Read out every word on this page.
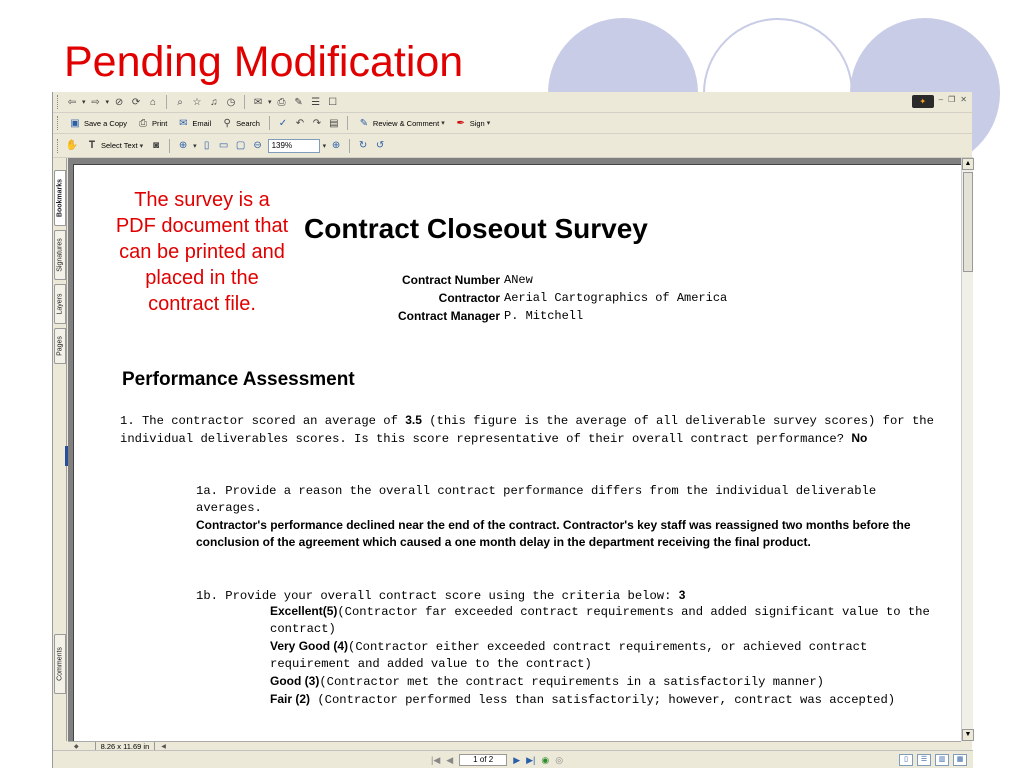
Pending Modification
⇦ ▾ ⇨ ▾ ⊘ ⟳ ⌂	⌕ ☆ ♫ ◷ ✉ ▾ ⎙ ✎ ☰ ☐	✦	– ❐ ✕
▣ Save a Copy	⎙ Print ✉ Email	⚲ Search ✓ ↶ ↷ ▤ ✎ Review & Comment ▾ ✒ Sign ▾
✋	𝐓 Select Text ▾ ◙	⊕ ▾ ▯ ▭ ▢ ⊖	139%	▾ ⊕ ↻ ↺
Bookmarks
Signatures
Layers
Pages
Comments
The survey is a PDF document that can be printed and placed in the contract file.
Contract Closeout Survey
Contract Number ANew
Contractor Aerial Cartographics of America
Contract Manager P. Mitchell
Performance Assessment
1. The contractor scored an average of 3.5 (this figure is the average of all deliverable survey scores) for the individual deliverables scores. Is this score representative of their overall contract performance? No
1a. Provide a reason the overall contract performance differs from the individual deliverable averages.
Contractor's performance declined near the end of the contract. Contractor's key staff was reassigned two months before the conclusion of the agreement which caused a one month delay in the department receiving the final product.
1b. Provide your overall contract score using the criteria below: 3
Excellent(5)(Contractor far exceeded contract requirements and added significant value to the contract)
Very Good (4)(Contractor either exceeded contract requirements, or achieved contract requirement and added value to the contract)
Good (3)(Contractor met the contract requirements in a satisfactorily manner)
Fair (2) (Contractor performed less than satisfactorily; however, contract was accepted)
▲
▼
◆	8.26 x 11.69 in	◀
|◀ ◀	1 of 2	▶ ▶| ◉ ◎	▯	☰	▥	▦
